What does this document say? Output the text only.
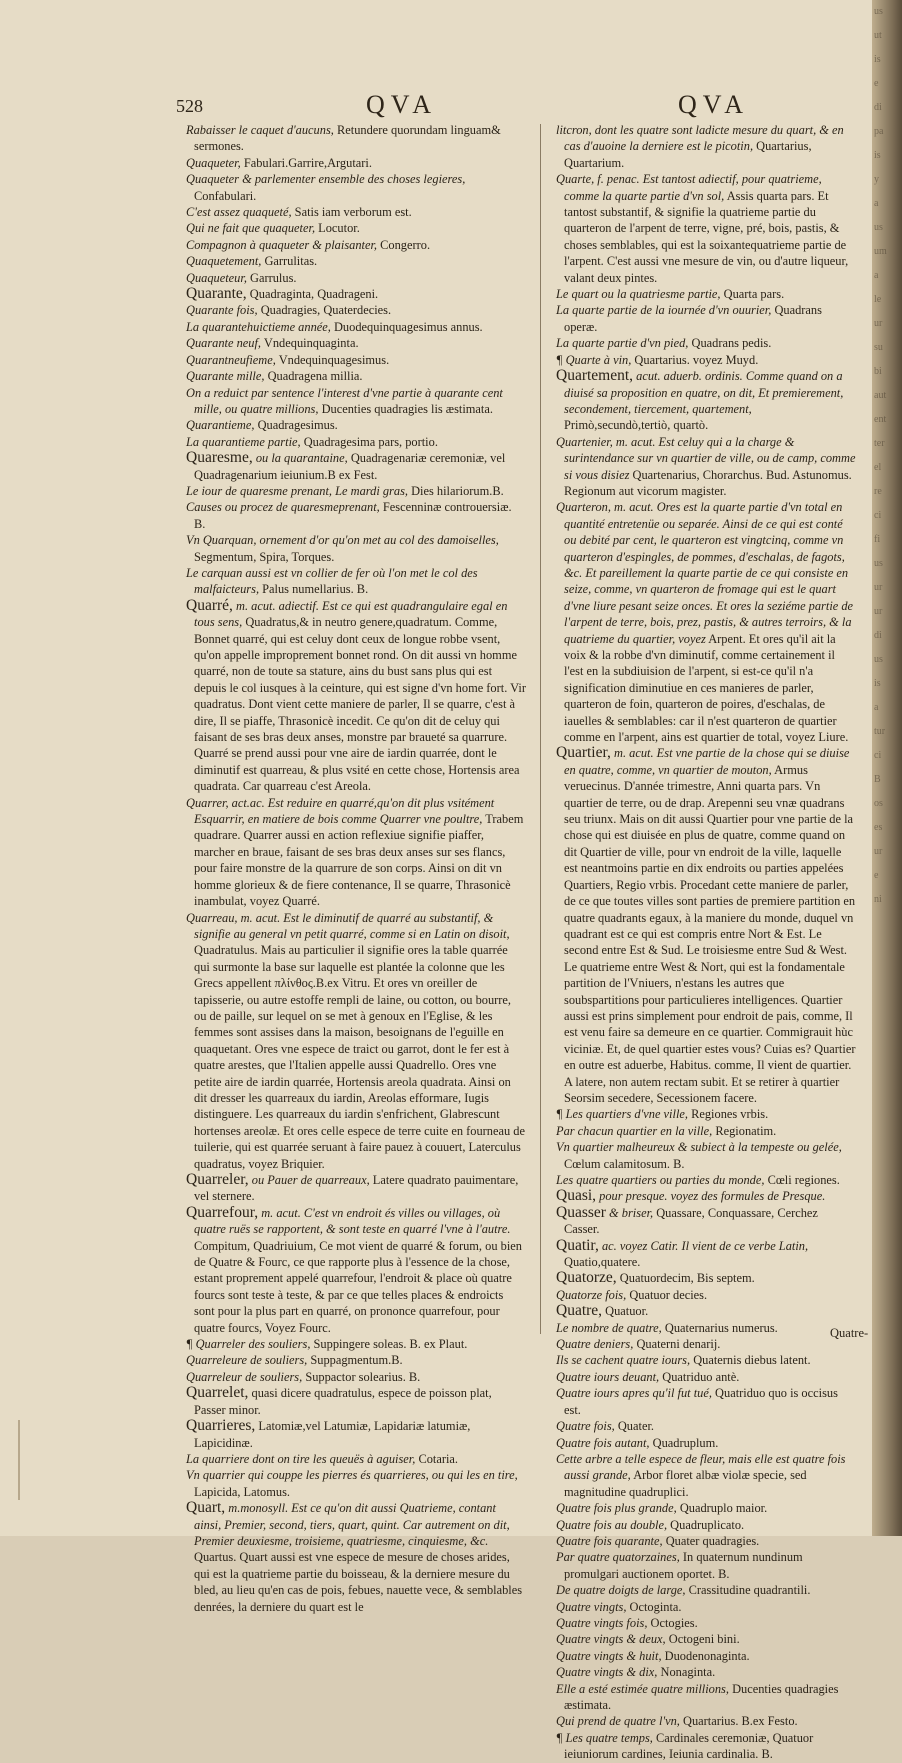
528	QVA	QVA

Rabaisser le caquet d'aucuns, Retundere quorundam linguam& sermones.

Quaqueter, Fabulari.Garrire,Argutari.

Quaqueter & parlementer ensemble des choses legieres, Confabulari.

C'est assez quaqueté, Satis iam verborum est.

Qui ne fait que quaqueter, Locutor.

Compagnon à quaqueter & plaisanter, Congerro.

Quaquetement, Garrulitas.

Quaqueteur, Garrulus.

Quarante, Quadraginta, Quadrageni.

Quarante fois, Quadragies, Quaterdecies.

La quarantehuictieme année, Duodequinquagesimus annus.

Quarante neuf, Vndequinquaginta.

Quarantneufieme, Vndequinquagesimus.

Quarante mille, Quadragena millia.

On a reduict par sentence l'interest d'vne partie à quarante cent mille, ou quatre millions, Ducenties quadragies lis æstimata.

Quarantieme, Quadragesimus.

La quarantieme partie, Quadragesima pars, portio.

Quaresme, ou la quarantaine, Quadragenariæ ceremoniæ, vel Quadragenarium ieiunium.B ex Fest.

Le iour de quaresme prenant, Le mardi gras, Dies hilariorum.B.

Causes ou procez de quaresmeprenant, Fescenninæ controuersiæ. B.

Vn Quarquan, ornement d'or qu'on met au col des damoiselles, Segmentum, Spira, Torques.

Le carquan aussi est vn collier de fer où l'on met le col des malfaicteurs, Palus numellarius. B.

Quarré, m. acut. adiectif. Est ce qui est quadrangulaire egal en tous sens, Quadratus,& in neutro genere,quadratum. Comme, Bonnet quarré, qui est celuy dont ceux de longue robbe vsent, qu'on appelle improprement bonnet rond. On dit aussi vn homme quarré, non de toute sa stature, ains du bust sans plus qui est depuis le col iusques à la ceinture, qui est signe d'vn home fort. Vir quadratus. Dont vient cette maniere de parler, Il se quarre, c'est à dire, Il se piaffe, Thrasonicè incedit. Ce qu'on dit de celuy qui faisant de ses bras deux anses, monstre par braueté sa quarrure. Quarré se prend aussi pour vne aire de iardin quarrée, dont le diminutif est quarreau, & plus vsité en cette chose, Hortensis area quadrata. Car quarreau c'est Areola.

Quarrer, act.ac. Est reduire en quarré,qu'on dit plus vsitément Esquarrir, en matiere de bois comme Quarrer vne poultre, Trabem quadrare. Quarrer aussi en action reflexiue signifie piaffer, marcher en braue, faisant de ses bras deux anses sur ses flancs, pour faire monstre de la quarrure de son corps. Ainsi on dit vn homme glorieux & de fiere contenance, Il se quarre, Thrasonicè inambulat, voyez Quarré.

Quarreau, m. acut. Est le diminutif de quarré au substantif, & signifie au general vn petit quarré, comme si en Latin on disoit, Quadratulus. Mais au particulier il signifie ores la table quarrée qui surmonte la base sur laquelle est plantée la colonne que les Grecs appellent πλίνθος.B.ex Vitru. Et ores vn oreiller de tapisserie, ou autre estoffe rempli de laine, ou cotton, ou bourre, ou de paille, sur lequel on se met à genoux en l'Eglise, & les femmes sont assises dans la maison, besoignans de l'eguille en quaquetant. Ores vne espece de traict ou garrot, dont le fer est à quatre arestes, que l'Italien appelle aussi Quadrello. Ores vne petite aire de iardin quarrée, Hortensis areola quadrata. Ainsi on dit dresser les quarreaux du iardin, Areolas efformare, Iugis distinguere. Les quarreaux du iardin s'enfrichent, Glabrescunt hortenses areolæ. Et ores celle espece de terre cuite en fourneau de tuilerie, qui est quarrée seruant à faire pauez à couuert, Laterculus quadratus, voyez Briquier.

Quarreler, ou Pauer de quarreaux, Latere quadrato pauimentare, vel sternere.

Quarrefour, m. acut. C'est vn endroit és villes ou villages, où quatre ruës se rapportent, & sont teste en quarré l'vne à l'autre. Compitum, Quadriuium, Ce mot vient de quarré & forum, ou bien de Quatre & Fourc, ce que rapporte plus à l'essence de la chose, estant proprement appelé quarrefour, l'endroit & place où quatre fourcs sont teste à teste, & par ce que telles places & endroicts sont pour la plus part en quarré, on prononce quarrefour, pour quatre fourcs, Voyez Fourc.

¶ Quarreler des souliers, Suppingere soleas. B. ex Plaut.

Quarreleure de souliers, Suppagmentum.B.

Quarreleur de souliers, Suppactor solearius. B.

Quarrelet, quasi dicere quadratulus, espece de poisson plat, Passer minor.

Quarrieres, Latomiæ,vel Latumiæ, Lapidariæ latumiæ, Lapicidinæ.

La quarriere dont on tire les queuës à aguiser, Cotaria.

Vn quarrier qui couppe les pierres és quarrieres, ou qui les en tire, Lapicida, Latomus.

Quart, m.monosyll. Est ce qu'on dit aussi Quatrieme, contant ainsi, Premier, second, tiers, quart, quint. Car autrement on dit, Premier deuxiesme, troisieme, quatriesme, cinquiesme, &c. Quartus. Quart aussi est vne espece de mesure de choses arides, qui est la quatrieme partie du boisseau, & la derniere mesure du bled, au lieu qu'en cas de pois, febues, nauette vece, & semblables denrées, la derniere du quart est le

litcron, dont les quatre sont ladicte mesure du quart, & en cas d'auoine la derniere est le picotin, Quartarius, Quartarium.

Quarte, f. penac. Est tantost adiectif, pour quatrieme, comme la quarte partie d'vn sol, Assis quarta pars. Et tantost substantif, & signifie la quatrieme partie du quarteron de l'arpent de terre, vigne, pré, bois, pastis, & choses semblables, qui est la soixantequatrieme partie de l'arpent. C'est aussi vne mesure de vin, ou d'autre liqueur, valant deux pintes.

Le quart ou la quatriesme partie, Quarta pars.

La quarte partie de la iournée d'vn ouurier, Quadrans operæ.

La quarte partie d'vn pied, Quadrans pedis.

¶ Quarte à vin, Quartarius. voyez Muyd.

Quartement, acut. aduerb. ordinis. Comme quand on a diuisé sa proposition en quatre, on dit, Et premierement, secondement, tiercement, quartement, Primò,secundò,tertiò, quartò.

Quartenier, m. acut. Est celuy qui a la charge & surintendance sur vn quartier de ville, ou de camp, comme si vous disiez Quartenarius, Chorarchus. Bud. Astunomus. Regionum aut vicorum magister.

Quarteron, m. acut. Ores est la quarte partie d'vn total en quantité entretenüe ou separée. Ainsi de ce qui est conté ou debité par cent, le quarteron est vingtcinq, comme vn quarteron d'espingles, de pommes, d'eschalas, de fagots, &c. Et pareillement la quarte partie de ce qui consiste en seize, comme, vn quarteron de fromage qui est le quart d'vne liure pesant seize onces. Et ores la seziéme partie de l'arpent de terre, bois, prez, pastis, & autres terroirs, & la quatrieme du quartier, voyez Arpent. Et ores qu'il ait la voix & la robbe d'vn diminutif, comme certainement il l'est en la subdiuision de l'arpent, si est-ce qu'il n'a signification diminutiue en ces manieres de parler, quarteron de foin, quarteron de poires, d'eschalas, de iauelles & semblables: car il n'est quarteron de quartier comme en l'arpent, ains est quartier de total, voyez Liure.

Quartier, m. acut. Est vne partie de la chose qui se diuise en quatre, comme, vn quartier de mouton, Armus veruecinus. D'année trimestre, Anni quarta pars. Vn quartier de terre, ou de drap. Arepenni seu vnæ quadrans seu triunx. Mais on dit aussi Quartier pour vne partie de la chose qui est diuisée en plus de quatre, comme quand on dit Quartier de ville, pour vn endroit de la ville, laquelle est neantmoins partie en dix endroits ou parties appelées Quartiers, Regio vrbis. Procedant cette maniere de parler, de ce que toutes villes sont parties de premiere partition en quatre quadrants egaux, à la maniere du monde, duquel vn quadrant est ce qui est compris entre Nort & Est. Le second entre Est & Sud. Le troisiesme entre Sud & West. Le quatrieme entre West & Nort, qui est la fondamentale partition de l'Vniuers, n'estans les autres que soubspartitions pour particulieres intelligences. Quartier aussi est prins simplement pour endroit de pais, comme, Il est venu faire sa demeure en ce quartier. Commigrauit hùc viciniæ. Et, de quel quartier estes vous? Cuias es? Quartier en outre est aduerbe, Habitus. comme, Il vient de quartier. A latere, non autem rectam subit. Et se retirer à quartier Seorsim secedere, Secessionem facere.

¶ Les quartiers d'vne ville, Regiones vrbis.

Par chacun quartier en la ville, Regionatim.

Vn quartier malheureux & subiect à la tempeste ou gelée, Cœlum calamitosum. B.

Les quatre quartiers ou parties du monde, Cœli regiones.

Quasi, pour presque. voyez des formules de Presque.

Quasser & briser, Quassare, Conquassare, Cerchez Casser.

Quatir, ac. voyez Catir. Il vient de ce verbe Latin, Quatio,quatere.

Quatorze, Quatuordecim, Bis septem.

Quatorze fois, Quatuor decies.

Quatre, Quatuor.

Le nombre de quatre, Quaternarius numerus.

Quatre deniers, Quaterni denarij.

Ils se cachent quatre iours, Quaternis diebus latent.

Quatre iours deuant, Quatriduo antè.

Quatre iours apres qu'il fut tué, Quatriduo quo is occisus est.

Quatre fois, Quater.

Quatre fois autant, Quadruplum.

Cette arbre a telle espece de fleur, mais elle est quatre fois aussi grande, Arbor floret albæ violæ specie, sed magnitudine quadruplici.

Quatre fois plus grande, Quadruplo maior.

Quatre fois au double, Quadruplicato.

Quatre fois quarante, Quater quadragies.

Par quatre quatorzaines, In quaternum nundinum promulgari auctionem oportet. B.

De quatre doigts de large, Crassitudine quadrantili.

Quatre vingts, Octoginta.

Quatre vingts fois, Octogies.

Quatre vingts & deux, Octogeni bini.

Quatre vingts & huit, Duodenonaginta.

Quatre vingts & dix, Nonaginta.

Elle a esté estimée quatre millions, Ducenties quadragies æstimata.

Qui prend de quatre l'vn, Quartarius. B.ex Festo.

¶ Les quatre temps, Cardinales ceremoniæ, Quatuor ieiuniorum cardines, Ieiunia cardinalia. B.

Quatre-
us
ut
is
e
di
pa
is
y
a
us
um
a
le
ur
su
bi
aut
ent
ter
el
re
ci
fi
us
ur
ur
di
us
is
a
tur
ci
B
os
es
ur
e
ni
